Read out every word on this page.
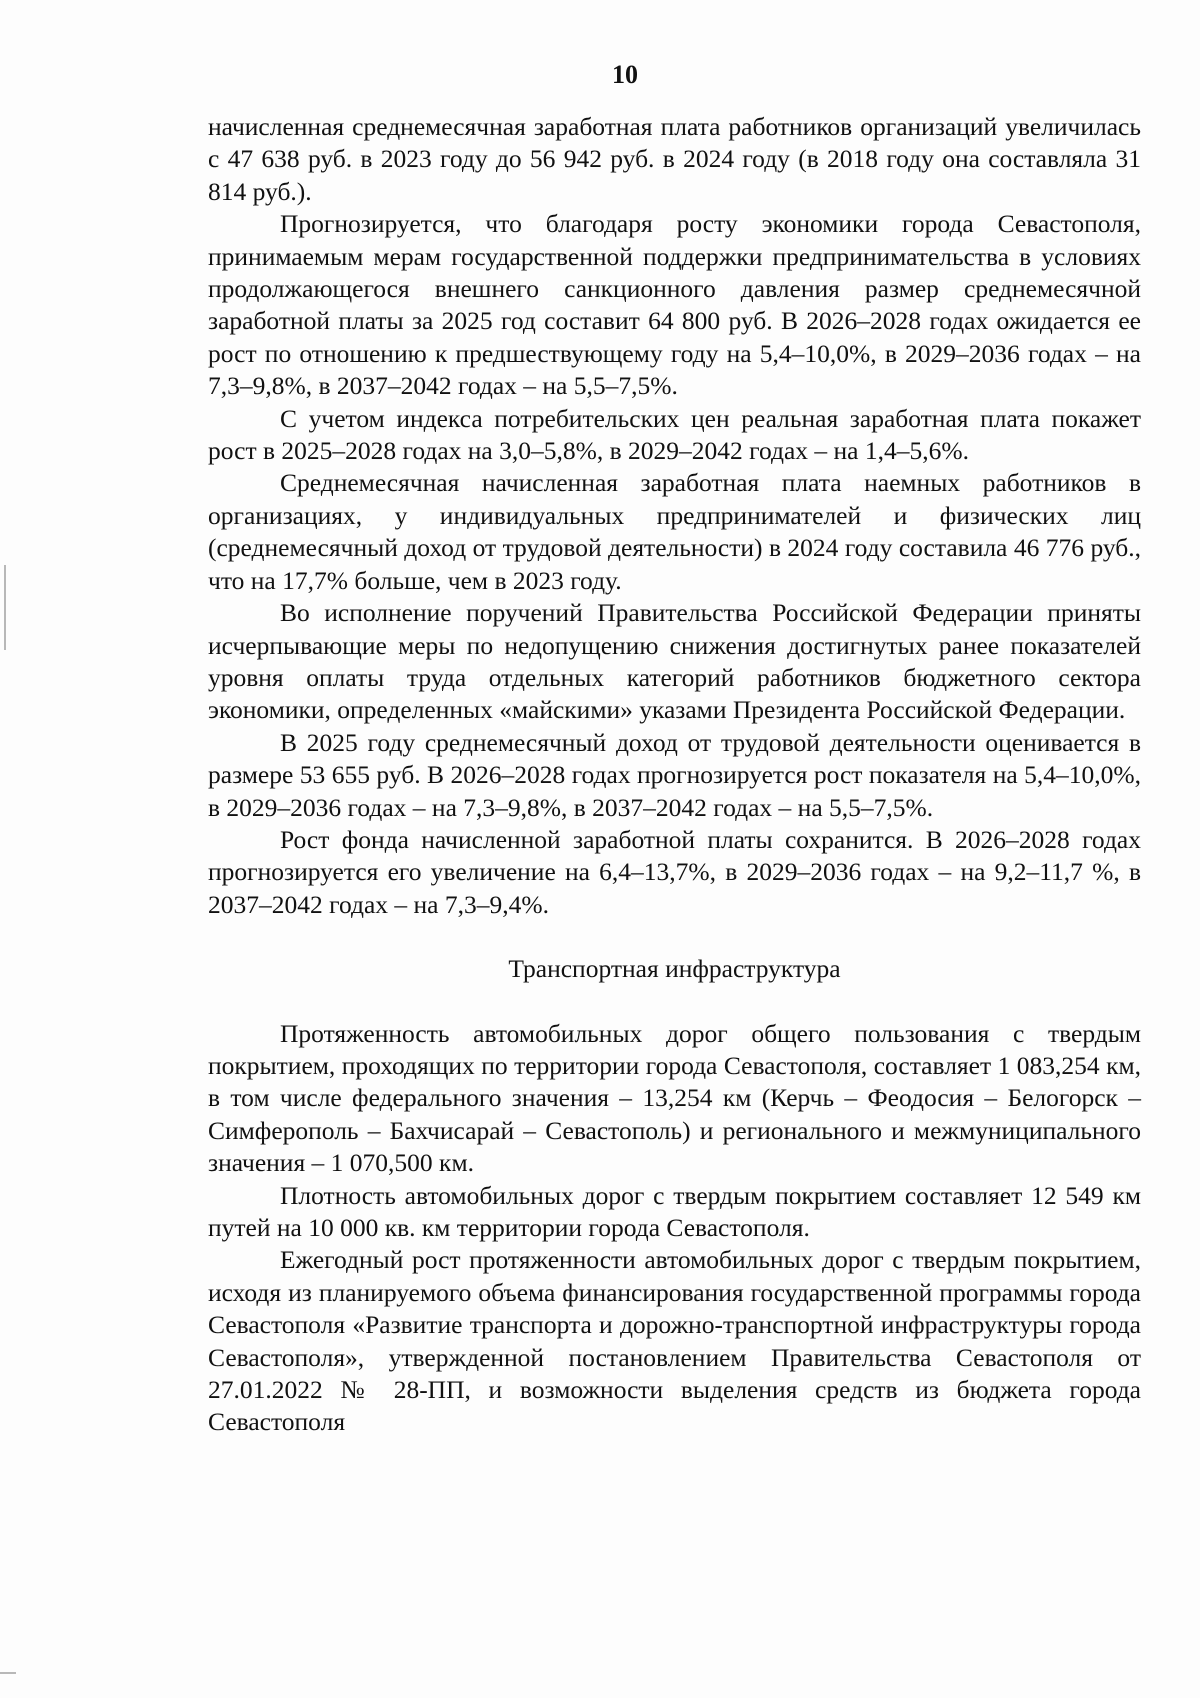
10

начисленная среднемесячная заработная плата работников организаций увеличилась с 47 638 руб. в 2023 году до 56 942 руб. в 2024 году (в 2018 году она составляла 31 814 руб.).

Прогнозируется, что благодаря росту экономики города Севастополя, принимаемым мерам государственной поддержки предпринимательства в условиях продолжающегося внешнего санкционного давления размер среднемесячной заработной платы за 2025 год составит 64 800 руб. В 2026–2028 годах ожидается ее рост по отношению к предшествующему году на 5,4–10,0%, в 2029–2036 годах – на 7,3–9,8%, в 2037–2042 годах – на 5,5–7,5%.

С учетом индекса потребительских цен реальная заработная плата покажет рост в 2025–2028 годах на 3,0–5,8%, в 2029–2042 годах – на 1,4–5,6%.

Среднемесячная начисленная заработная плата наемных работников в организациях, у индивидуальных предпринимателей и физических лиц (среднемесячный доход от трудовой деятельности) в 2024 году составила 46 776 руб., что на 17,7% больше, чем в 2023 году.

Во исполнение поручений Правительства Российской Федерации приняты исчерпывающие меры по недопущению снижения достигнутых ранее показателей уровня оплаты труда отдельных категорий работников бюджетного сектора экономики, определенных «майскими» указами Президента Российской Федерации.

В 2025 году среднемесячный доход от трудовой деятельности оценивается в размере 53 655 руб. В 2026–2028 годах прогнозируется рост показателя на 5,4–10,0%, в 2029–2036 годах – на 7,3–9,8%, в 2037–2042 годах – на 5,5–7,5%.

Рост фонда начисленной заработной платы сохранится. В 2026–2028 годах прогнозируется его увеличение на 6,4–13,7%, в 2029–2036 годах – на 9,2–11,7 %, в 2037–2042 годах – на 7,3–9,4%.

Транспортная инфраструктура

Протяженность автомобильных дорог общего пользования с твердым покрытием, проходящих по территории города Севастополя, составляет 1 083,254 км, в том числе федерального значения – 13,254 км (Керчь – Феодосия – Белогорск – Симферополь – Бахчисарай – Севастополь) и регионального и межмуниципального значения – 1 070,500 км.

Плотность автомобильных дорог с твердым покрытием составляет 12 549 км путей на 10 000 кв. км территории города Севастополя.

Ежегодный рост протяженности автомобильных дорог с твердым покрытием, исходя из планируемого объема финансирования государственной программы города Севастополя «Развитие транспорта и дорожно-транспортной инфраструктуры города Севастополя», утвержденной постановлением Правительства Севастополя от 27.01.2022 № 28-ПП, и возможности выделения средств из бюджета города Севастополя
